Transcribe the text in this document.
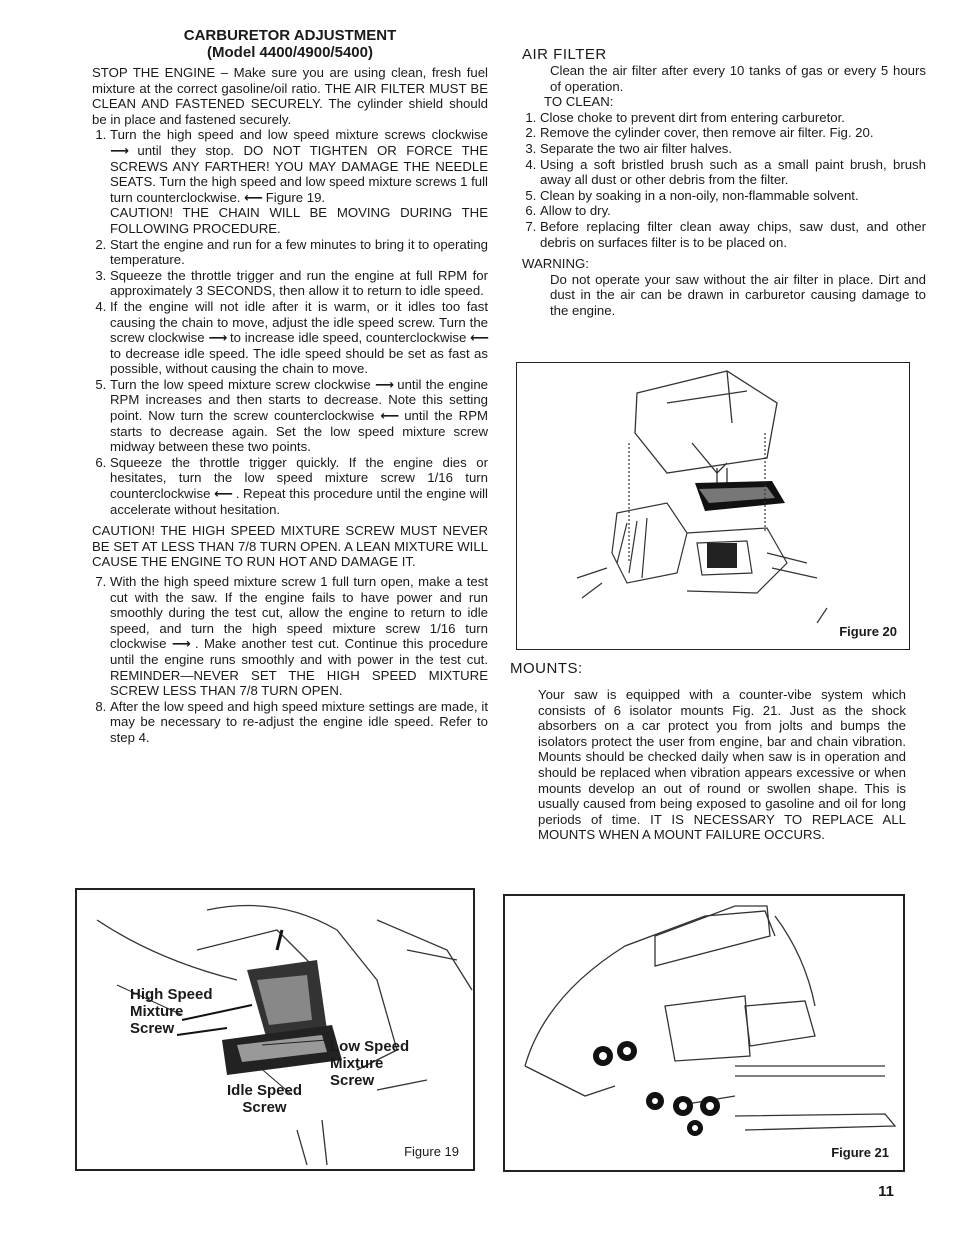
CARBURETOR ADJUSTMENT
(Model 4400/4900/5400)
STOP THE ENGINE – Make sure you are using clean, fresh fuel mixture at the correct gasoline/oil ratio. THE AIR FILTER MUST BE CLEAN AND FASTENED SECURELY. The cylinder shield should be in place and fastened securely.
1. Turn the high speed and low speed mixture screws clockwise ⟶ until they stop. DO NOT TIGHTEN OR FORCE THE SCREWS ANY FARTHER! YOU MAY DAMAGE THE NEEDLE SEATS. Turn the high speed and low speed mixture screws 1 full turn counterclockwise. ⟵ Figure 19.
CAUTION! THE CHAIN WILL BE MOVING DURING THE FOLLOWING PROCEDURE.
2. Start the engine and run for a few minutes to bring it to operating temperature.
3. Squeeze the throttle trigger and run the engine at full RPM for approximately 3 SECONDS, then allow it to return to idle speed.
4. If the engine will not idle after it is warm, or it idles too fast causing the chain to move, adjust the idle speed screw. Turn the screw clockwise ⟶ to increase idle speed, counterclockwise ⟵ to decrease idle speed. The idle speed should be set as fast as possible, without causing the chain to move.
5. Turn the low speed mixture screw clockwise ⟶ until the engine RPM increases and then starts to decrease. Note this setting point. Now turn the screw counterclockwise ⟵ until the RPM starts to decrease again. Set the low speed mixture screw midway between these two points.
6. Squeeze the throttle trigger quickly. If the engine dies or hesitates, turn the low speed mixture screw 1/16 turn counterclockwise ⟵ . Repeat this procedure until the engine will accelerate without hesitation.
CAUTION! THE HIGH SPEED MIXTURE SCREW MUST NEVER BE SET AT LESS THAN 7/8 TURN OPEN. A LEAN MIXTURE WILL CAUSE THE ENGINE TO RUN HOT AND DAMAGE IT.
7. With the high speed mixture screw 1 full turn open, make a test cut with the saw. If the engine fails to have power and run smoothly during the test cut, allow the engine to return to idle speed, and turn the high speed mixture screw 1/16 turn clockwise ⟶ . Make another test cut. Continue this procedure until the engine runs smoothly and with power in the test cut. REMINDER—NEVER SET THE HIGH SPEED MIXTURE SCREW LESS THAN 7/8 TURN OPEN.
8. After the low speed and high speed mixture settings are made, it may be necessary to re-adjust the engine idle speed. Refer to step 4.
AIR FILTER
Clean the air filter after every 10 tanks of gas or every 5 hours of operation.
TO CLEAN:
1. Close choke to prevent dirt from entering carburetor.
2. Remove the cylinder cover, then remove air filter. Fig. 20.
3. Separate the two air filter halves.
4. Using a soft bristled brush such as a small paint brush, brush away all dust or other debris from the filter.
5. Clean by soaking in a non-oily, non-flammable solvent.
6. Allow to dry.
7. Before replacing filter clean away chips, saw dust, and other debris on surfaces filter is to be placed on.
WARNING:
Do not operate your saw without the air filter in place. Dirt and dust in the air can be drawn in carburetor causing damage to the engine.
Figure 20
MOUNTS:
Your saw is equipped with a counter-vibe system which consists of 6 isolator mounts Fig. 21. Just as the shock absorbers on a car protect you from jolts and bumps the isolators protect the user from engine, bar and chain vibration. Mounts should be checked daily when saw is in operation and should be replaced when vibration appears excessive or when mounts develop an out of round or swollen shape. This is usually caused from being exposed to gasoline and oil for long periods of time. IT IS NECESSARY TO REPLACE ALL MOUNTS WHEN A MOUNT FAILURE OCCURS.
High Speed
Mixture
Screw
Low Speed
Mixture
Screw
Idle Speed
Screw
Figure 19	Figure 21
11
